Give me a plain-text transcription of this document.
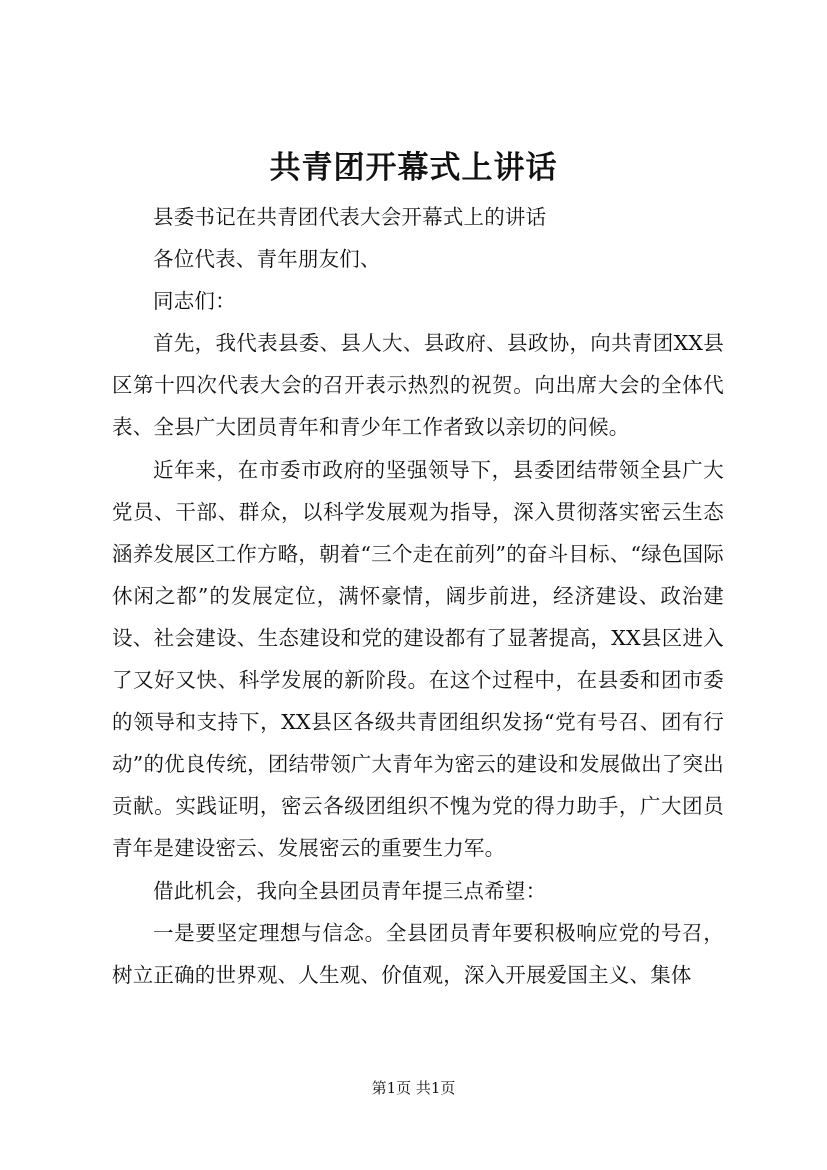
共青团开幕式上讲话

县委书记在共青团代表大会开幕式上的讲话

各位代表、青年朋友们、

同志们：

首先，我代表县委、县人大、县政府、县政协，向共青团XX县区第十四次代表大会的召开表示热烈的祝贺。向出席大会的全体代表、全县广大团员青年和青少年工作者致以亲切的问候。

近年来，在市委市政府的坚强领导下，县委团结带领全县广大党员、干部、群众，以科学发展观为指导，深入贯彻落实密云生态涵养发展区工作方略，朝着“三个走在前列”的奋斗目标、“绿色国际休闲之都”的发展定位，满怀豪情，阔步前进，经济建设、政治建设、社会建设、生态建设和党的建设都有了显著提高，XX县区进入了又好又快、科学发展的新阶段。在这个过程中，在县委和团市委的领导和支持下，XX县区各级共青团组织发扬“党有号召、团有行动”的优良传统，团结带领广大青年为密云的建设和发展做出了突出贡献。实践证明，密云各级团组织不愧为党的得力助手，广大团员青年是建设密云、发展密云的重要生力军。

借此机会，我向全县团员青年提三点希望：

一是要坚定理想与信念。全县团员青年要积极响应党的号召，树立正确的世界观、人生观、价值观，深入开展爱国主义、集体

第1页 共1页
